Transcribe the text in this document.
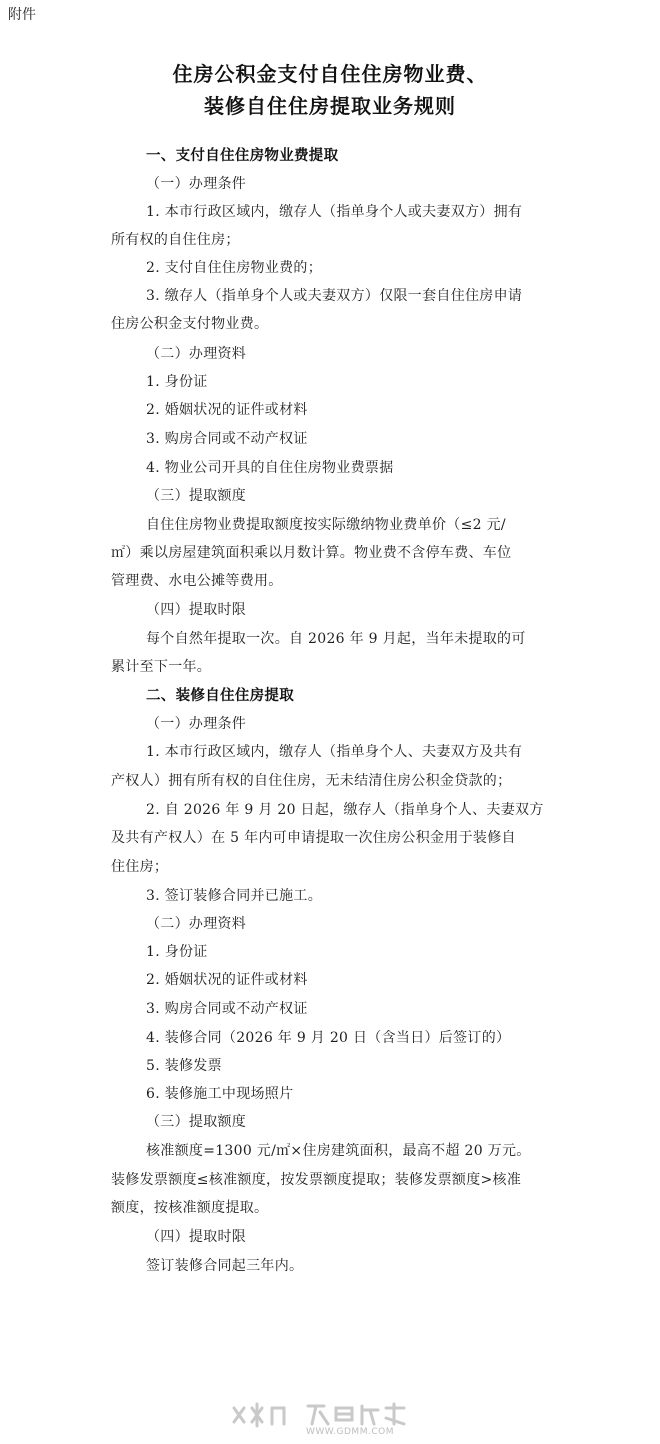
附件
住房公积金支付自住住房物业费、
装修自住住房提取业务规则
一、支付自住住房物业费提取
（一）办理条件
1. 本市行政区域内，缴存人（指单身个人或夫妻双方）拥有
所有权的自住住房；
2. 支付自住住房物业费的；
3. 缴存人（指单身个人或夫妻双方）仅限一套自住住房申请
住房公积金支付物业费。
（二）办理资料
1. 身份证
2. 婚姻状况的证件或材料
3. 购房合同或不动产权证
4. 物业公司开具的自住住房物业费票据
（三）提取额度
自住住房物业费提取额度按实际缴纳物业费单价（≤2 元/
㎡）乘以房屋建筑面积乘以月数计算。物业费不含停车费、车位
管理费、水电公摊等费用。
（四）提取时限
每个自然年提取一次。自 2026 年 9 月起，当年未提取的可
累计至下一年。
二、装修自住住房提取
（一）办理条件
1. 本市行政区域内，缴存人（指单身个人、夫妻双方及共有
产权人）拥有所有权的自住住房，无未结清住房公积金贷款的；
2. 自 2026 年 9 月 20 日起，缴存人（指单身个人、夫妻双方
及共有产权人）在 5 年内可申请提取一次住房公积金用于装修自
住住房；
3. 签订装修合同并已施工。
（二）办理资料
1. 身份证
2. 婚姻状况的证件或材料
3. 购房合同或不动产权证
4. 装修合同（2026 年 9 月 20 日（含当日）后签订的）
5. 装修发票
6. 装修施工中现场照片
（三）提取额度
核准额度=1300 元/㎡×住房建筑面积，最高不超 20 万元。
装修发票额度≤核准额度，按发票额度提取；装修发票额度>核准
额度，按核准额度提取。
（四）提取时限
签订装修合同起三年内。
WWW.GDMM.COM
